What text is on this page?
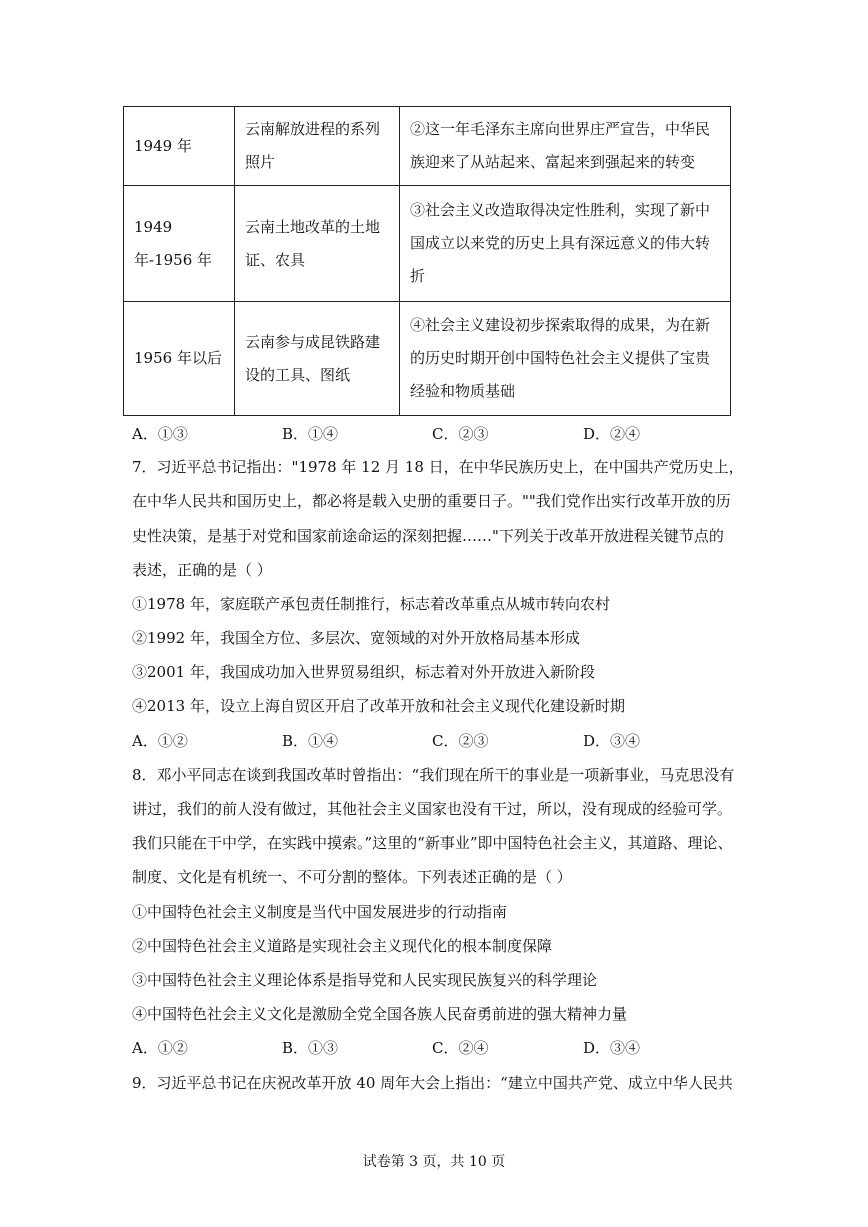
1949 年	云南解放进程的系列照片	②这一年毛泽东主席向世界庄严宣告，中华民族迎来了从站起来、富起来到强起来的转变
1949 年-1956 年	云南土地改革的土地证、农具	③社会主义改造取得决定性胜利，实现了新中国成立以来党的历史上具有深远意义的伟大转折
1956 年以后	云南参与成昆铁路建设的工具、图纸	④社会主义建设初步探索取得的成果，为在新的历史时期开创中国特色社会主义提供了宝贵经验和物质基础
A．①③	B．①④	C．②③	D．②④
7．习近平总书记指出："1978 年 12 月 18 日，在中华民族历史上，在中国共产党历史上，
在中华人民共和国历史上，都必将是载入史册的重要日子。""我们党作出实行改革开放的历
史性决策，是基于对党和国家前途命运的深刻把握……"下列关于改革开放进程关键节点的
表述，正确的是（ ）
①1978 年，家庭联产承包责任制推行，标志着改革重点从城市转向农村
②1992 年，我国全方位、多层次、宽领域的对外开放格局基本形成
③2001 年，我国成功加入世界贸易组织，标志着对外开放进入新阶段
④2013 年，设立上海自贸区开启了改革开放和社会主义现代化建设新时期
A．①②	B．①④	C．②③	D．③④
8．邓小平同志在谈到我国改革时曾指出：“我们现在所干的事业是一项新事业，马克思没有
讲过，我们的前人没有做过，其他社会主义国家也没有干过，所以，没有现成的经验可学。
我们只能在干中学，在实践中摸索。”这里的“新事业”即中国特色社会主义，其道路、理论、
制度、文化是有机统一、不可分割的整体。下列表述正确的是（ ）
①中国特色社会主义制度是当代中国发展进步的行动指南
②中国特色社会主义道路是实现社会主义现代化的根本制度保障
③中国特色社会主义理论体系是指导党和人民实现民族复兴的科学理论
④中国特色社会主义文化是激励全党全国各族人民奋勇前进的强大精神力量
A．①②	B．①③	C．②④	D．③④
9．习近平总书记在庆祝改革开放 40 周年大会上指出：“建立中国共产党、成立中华人民共
试卷第 3 页，共 10 页
